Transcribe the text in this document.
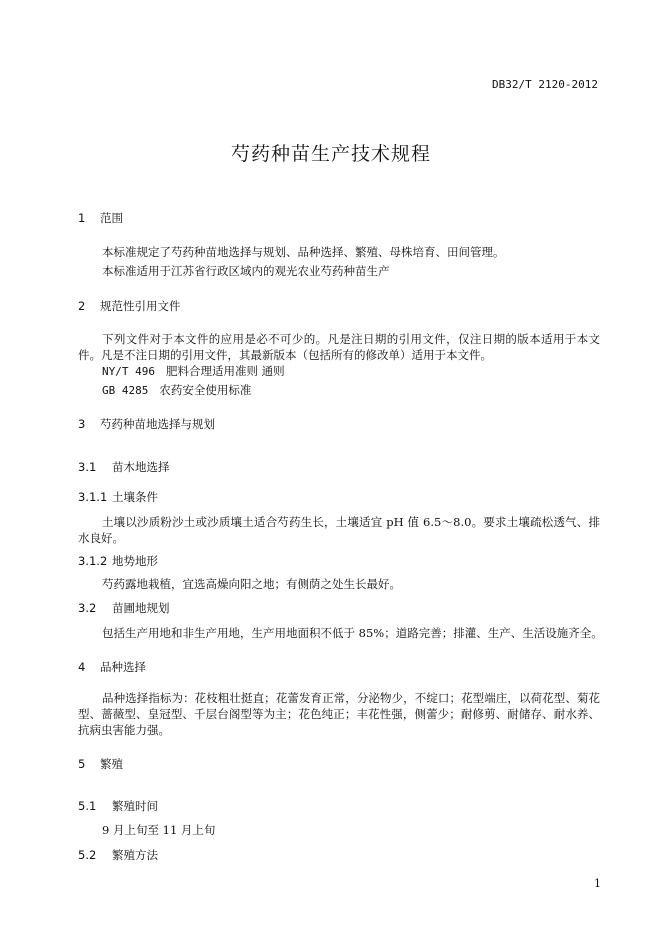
DB32/T 2120-2012
芍药种苗生产技术规程
1 范围
本标准规定了芍药种苗地选择与规划、品种选择、繁殖、母株培育、田间管理。
本标准适用于江苏省行政区域内的观光农业芍药种苗生产
2 规范性引用文件
下列文件对于本文件的应用是必不可少的。凡是注日期的引用文件，仅注日期的版本适用于本文件。凡是不注日期的引用文件，其最新版本（包括所有的修改单）适用于本文件。
NY/T 496 肥料合理适用准则 通则
GB 4285 农药安全使用标准
3 芍药种苗地选择与规划
3.1 苗木地选择
3.1.1 土壤条件
土壤以沙质粉沙土或沙质壤土适合芍药生长，土壤适宜 pH 值 6.5～8.0。要求土壤疏松透气、排水良好。
3.1.2 地势地形
芍药露地栽植，宜选高燥向阳之地；有侧荫之处生长最好。
3.2 苗圃地规划
包括生产用地和非生产用地，生产用地面积不低于 85%；道路完善；排灌、生产、生活设施齐全。
4 品种选择
品种选择指标为：花枝粗壮挺直；花蕾发育正常，分泌物少，不绽口；花型端庄，以荷花型、菊花型、蔷薇型、皇冠型、千层台阁型等为主；花色纯正；丰花性强，侧蕾少；耐修剪、耐储存、耐水养、抗病虫害能力强。
5 繁殖
5.1 繁殖时间
9 月上旬至 11 月上旬
5.2 繁殖方法
1
